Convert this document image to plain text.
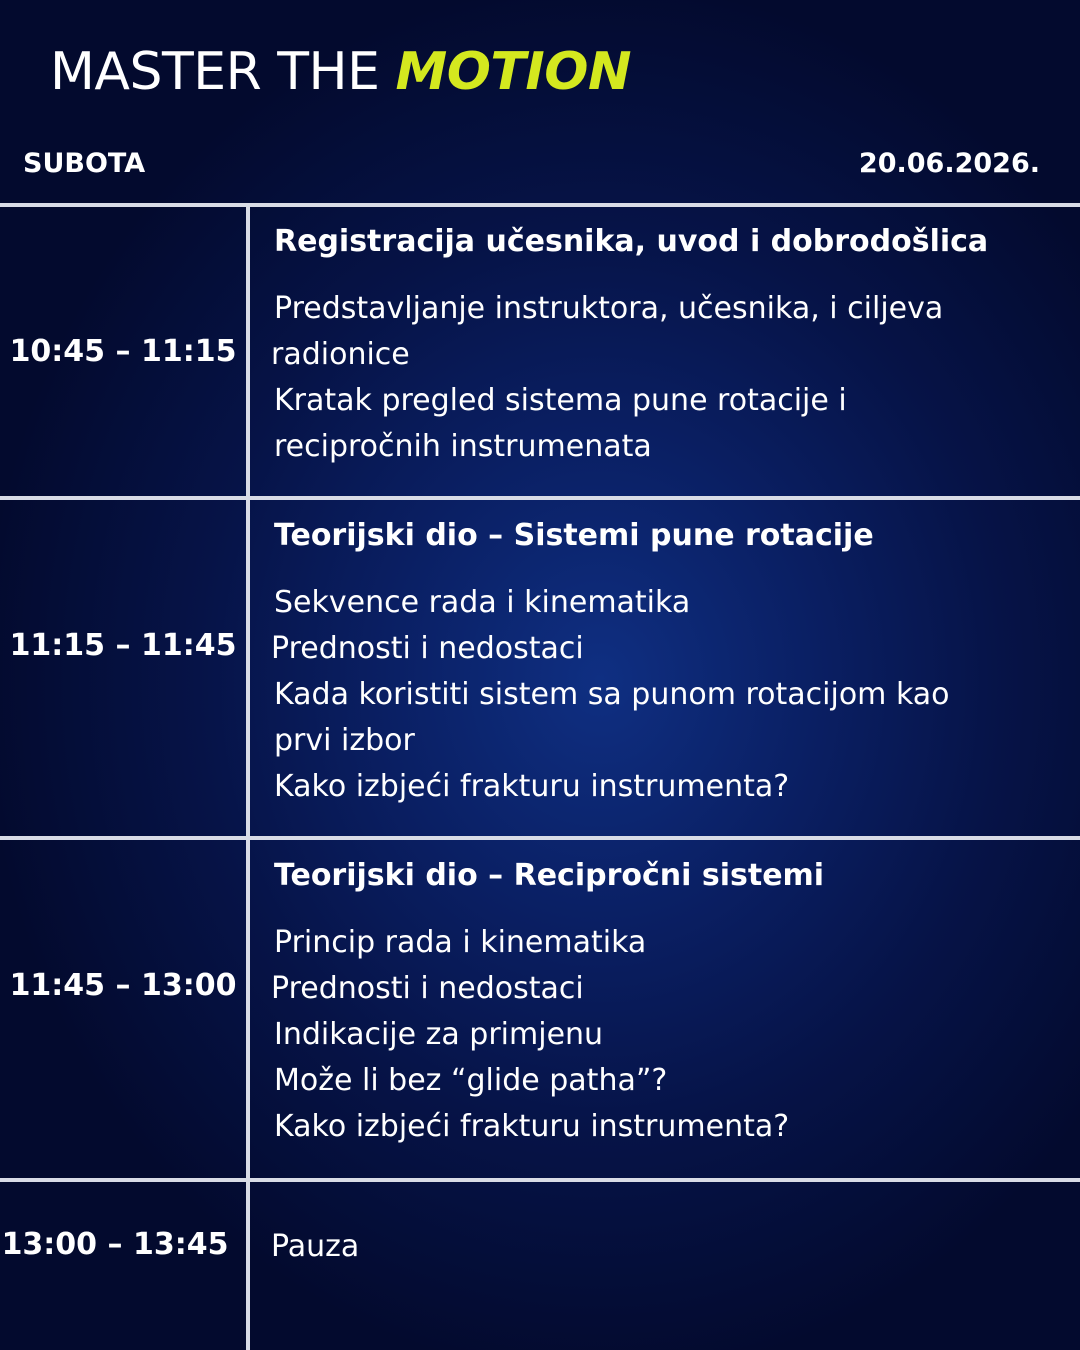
MASTER THE MOTION
SUBOTA	20.06.2026.
10:45 – 11:15
Registracija učesnika, uvod i dobrodošlica
Predstavljanje instruktora, učesnika, i ciljeva
radionice
Kratak pregled sistema pune rotacije i
recipročnih instrumenata
11:15 – 11:45
Teorijski dio – Sistemi pune rotacije
Sekvence rada i kinematika
Prednosti i nedostaci
Kada koristiti sistem sa punom rotacijom kao
prvi izbor
Kako izbjeći frakturu instrumenta?
11:45 – 13:00
Teorijski dio – Recipročni sistemi
Princip rada i kinematika
Prednosti i nedostaci
Indikacije za primjenu
Može li bez “glide patha”?
Kako izbjeći frakturu instrumenta?
13:00 – 13:45	Pauza
